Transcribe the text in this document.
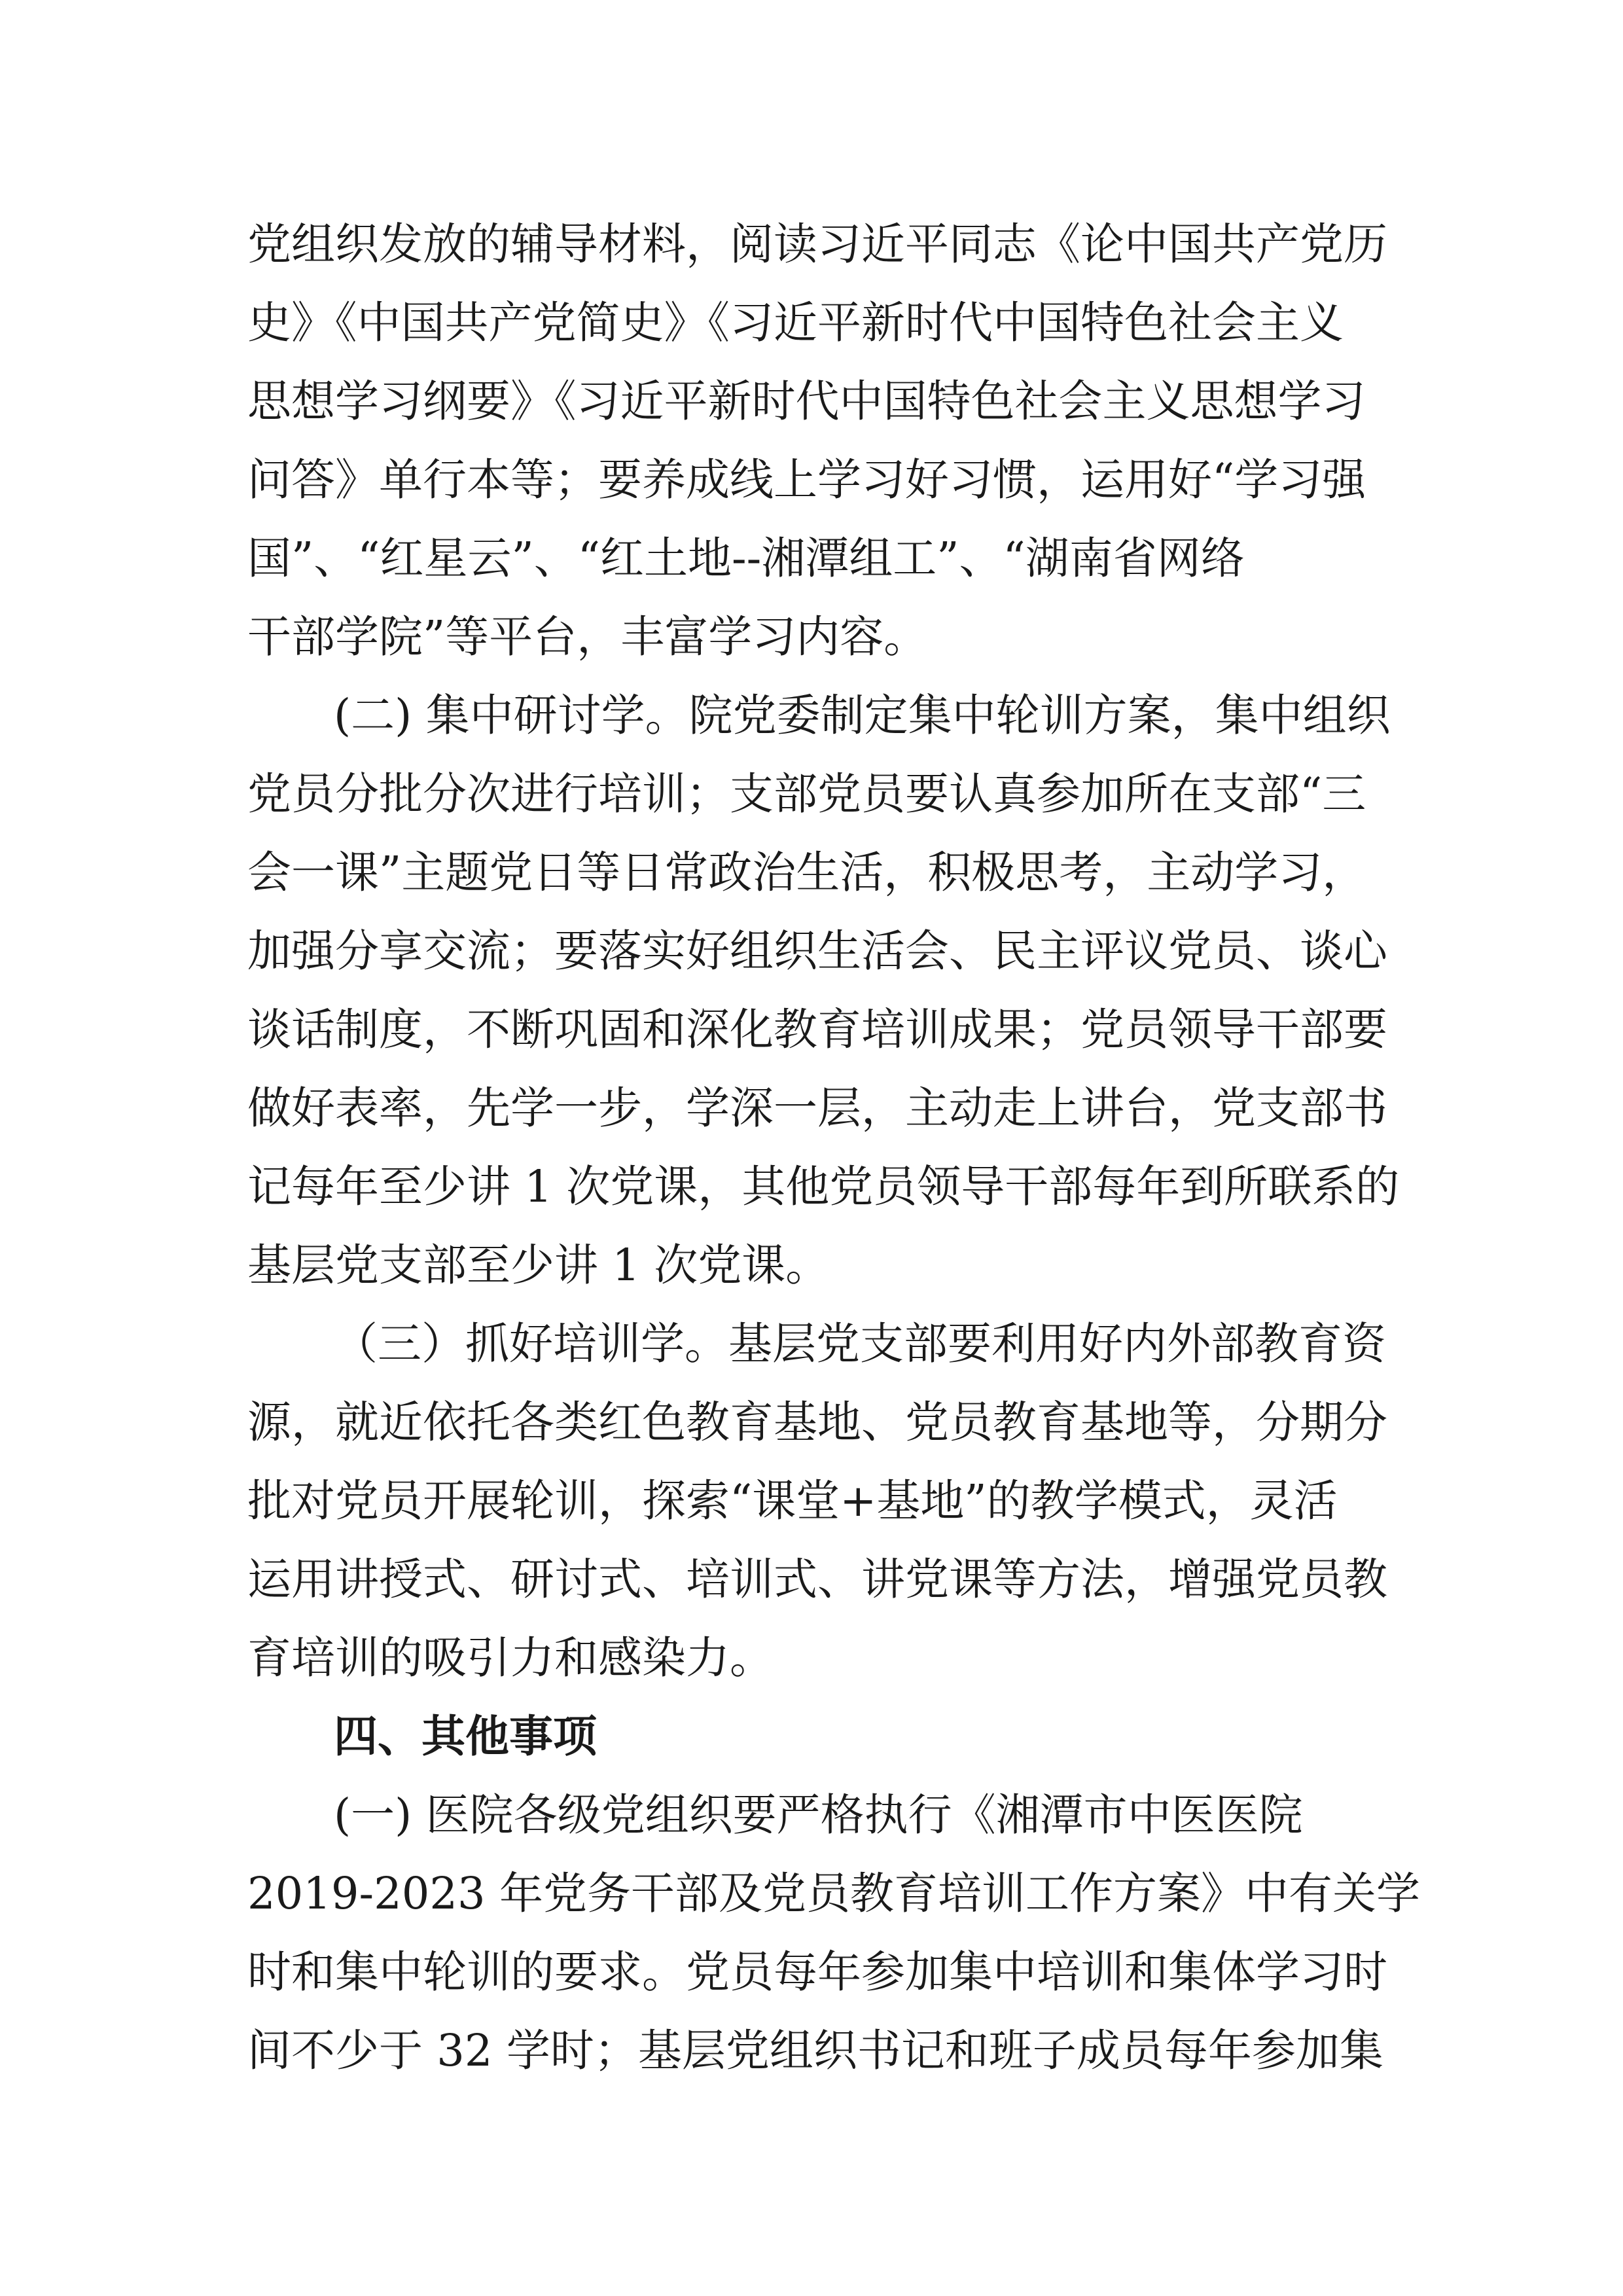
党组织发放的辅导材料，阅读习近平同志《论中国共产党历

史》《中国共产党简史》《习近平新时代中国特色社会主义

思想学习纲要》《习近平新时代中国特色社会主义思想学习

问答》单行本等；要养成线上学习好习惯，运用好“学习强

国”、“红星云”、“红土地--湘潭组工”、“湖南省网络

干部学院”等平台，丰富学习内容。

(二) 集中研讨学。院党委制定集中轮训方案，集中组织

党员分批分次进行培训；支部党员要认真参加所在支部“三

会一课”主题党日等日常政治生活，积极思考，主动学习，

加强分享交流；要落实好组织生活会、民主评议党员、谈心

谈话制度，不断巩固和深化教育培训成果；党员领导干部要

做好表率，先学一步，学深一层，主动走上讲台，党支部书

记每年至少讲 1 次党课，其他党员领导干部每年到所联系的

基层党支部至少讲 1 次党课。

（三）抓好培训学。基层党支部要利用好内外部教育资

源，就近依托各类红色教育基地、党员教育基地等，分期分

批对党员开展轮训，探索“课堂+基地”的教学模式，灵活

运用讲授式、研讨式、培训式、讲党课等方法，增强党员教

育培训的吸引力和感染力。

四、其他事项

(一) 医院各级党组织要严格执行《湘潭市中医医院

2019-2023 年党务干部及党员教育培训工作方案》中有关学

时和集中轮训的要求。党员每年参加集中培训和集体学习时

间不少于 32 学时；基层党组织书记和班子成员每年参加集
